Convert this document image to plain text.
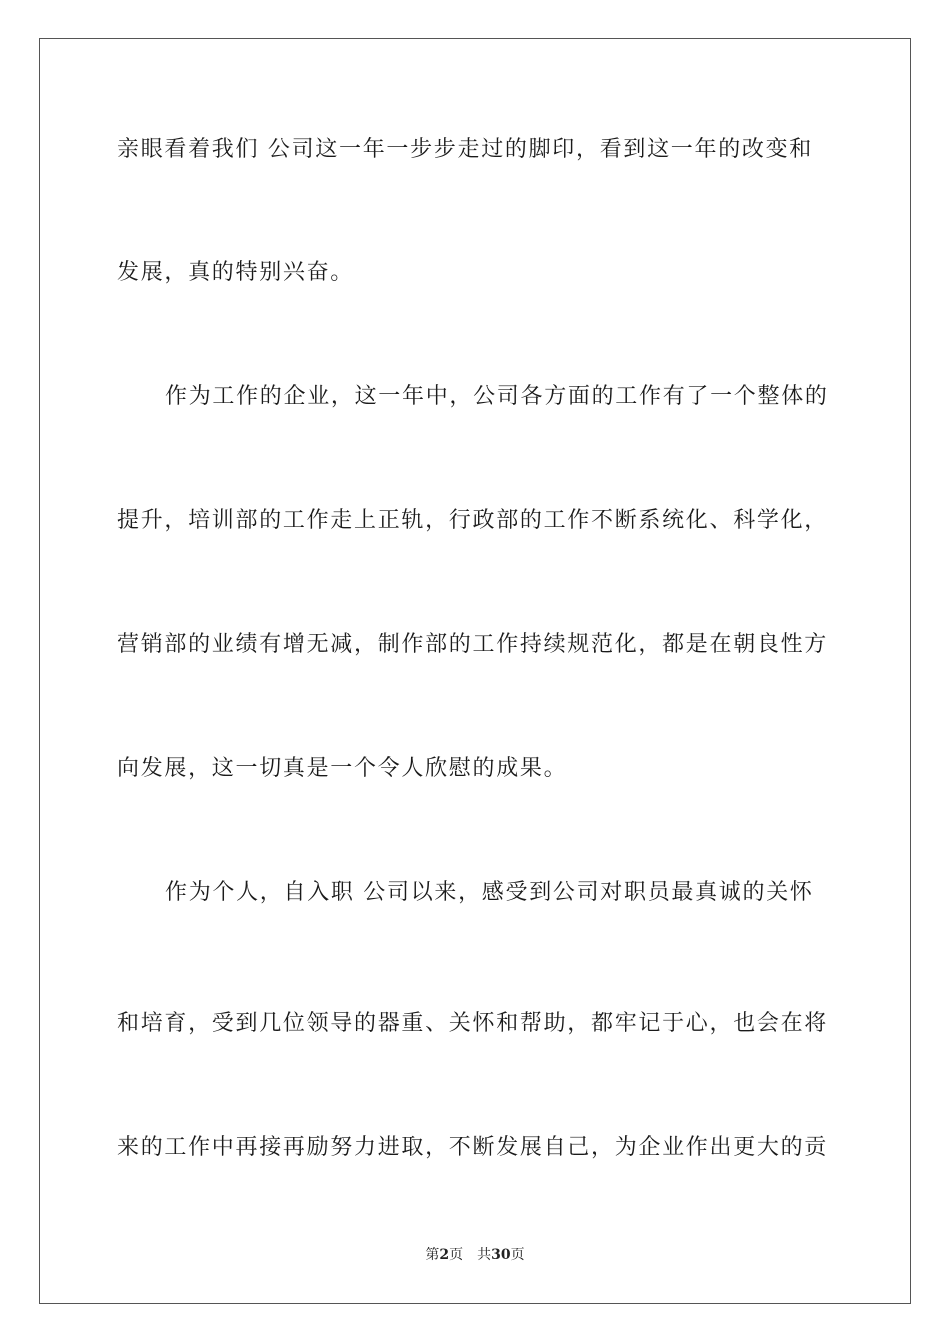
亲眼看着我们 公司这一年一步步走过的脚印，看到这一年的改变和
发展，真的特别兴奋。
作为工作的企业，这一年中，公司各方面的工作有了一个整体的
提升，培训部的工作走上正轨，行政部的工作不断系统化、科学化，
营销部的业绩有增无减，制作部的工作持续规范化，都是在朝良性方
向发展，这一切真是一个令人欣慰的成果。
作为个人，自入职 公司以来，感受到公司对职员最真诚的关怀
和培育，受到几位领导的器重、关怀和帮助，都牢记于心，也会在将
来的工作中再接再励努力进取，不断发展自己，为企业作出更大的贡
第2页 共30页
